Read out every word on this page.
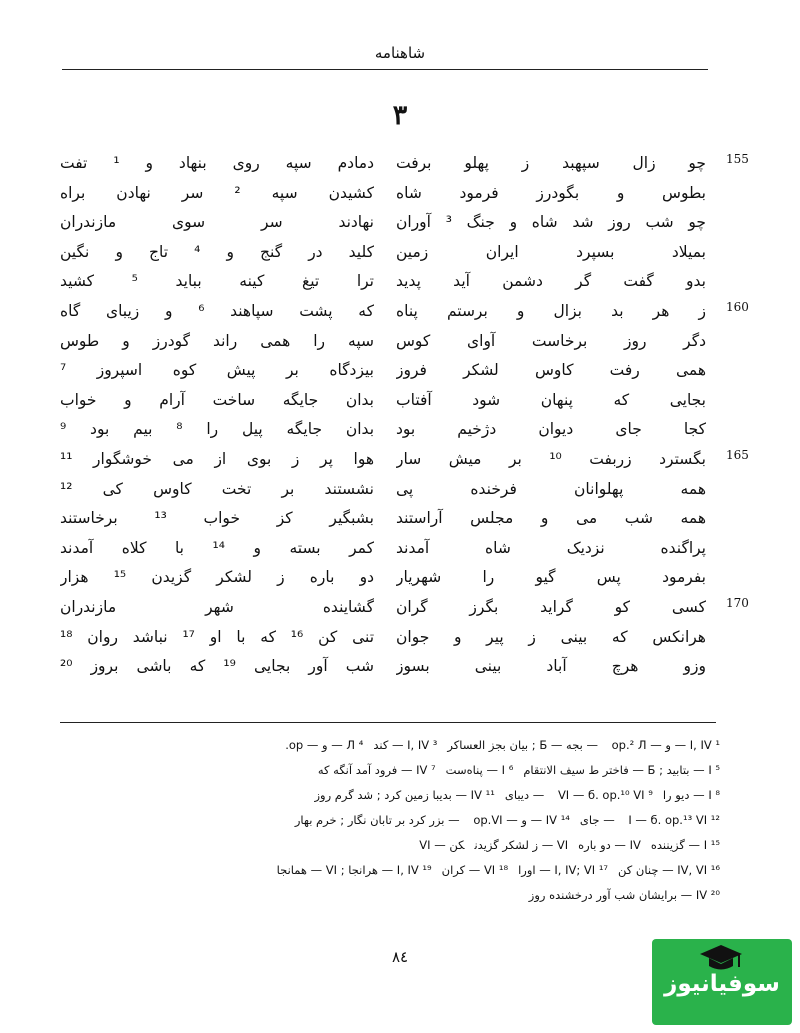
شاهنامه
٣
155
چو زال سپهبد ز پهلو برفت
دمادم سپه روی بنهاد و ¹ تفت
بطوس و بگودرز فرمود شاه
کشیدن سپه ² سر نهادن براه
چو شب روز شد شاه و جنگ ³ آوران
نهادند سر سوی مازندران
بمیلاد بسپرد ایران زمین
کلید در گنج و ⁴ تاج و نگین
بدو گفت گر دشمن آید پدید
ترا تیغ کینه بباید ⁵ کشید
160
ز هر بد بزال و برستم پناه
که پشت سپاهند ⁶ و زیبای گاه
دگر روز برخاست آوای کوس
سپه را همی راند گودرز و طوس
همی رفت کاوس لشکر فروز
بیزدگاه بر پیش کوه اسپروز ⁷
بجایی که پنهان شود آفتاب
بدان جایگه ساخت آرام و خواب
کجا جای دیوان دژخیم بود
بدان جایگه پیل را ⁸ بیم بود ⁹
165
بگسترد زربفت ¹⁰ بر میش سار
هوا پر ز بوی از می خوشگوار ¹¹
همه پهلوانان فرخنده پی
نشستند بر تخت کاوس کی ¹²
همه شب می و مجلس آراستند
بشبگیر کز خواب ¹³ برخاستند
پراگنده نزدیک شاه آمدند
کمر بسته و ¹⁴ با کلاه آمدند
بفرمود پس گیو را شهریار
دو باره ز لشکر گزیدن ¹⁵ هزار
170
کسی کو گراید بگرز گران
گشاینده شهر مازندران
هرانکس که بینی ز پیر و جوان
تنی کن ¹⁶ که با او ¹⁷ نباشد روان ¹⁸
وزو هرچ آباد بینی بسوز
شب آور بجایی ¹⁹ که باشی بروز ²⁰
¹ I, IV — و — op.² Л — بجه — Б ; بیان بجز العساکر³ I, IV — کند⁴ Л — و — op.
⁵ I — بتابید ; Б — فاختر ط سیف الانتقام⁶ I — پناه‌ست⁷ IV — فرود آمد آنگه که
⁸ I — دیو را⁹ VI — б. op.¹⁰ VI — دیبای¹¹ IV — بدیبا زمین کرد ; شد گرم روز
¹² I — б. op.¹³ VI — جای¹⁴ IV — و — op.VI — بزر کرد بر تابان نگار ; خرم بهار
¹⁵ I — گزینندهIV — دو بارهVI — ز لشکر گزیدنکن — VI
¹⁶ IV, VI — چنان کن¹⁷ I, IV; VI — اورا¹⁸ VI — کران¹⁹ I, IV — هرانجا ; VI — همانجا
²⁰ IV — برایشان شب آور درخشنده روز
٨٤
سوفیانیوز
